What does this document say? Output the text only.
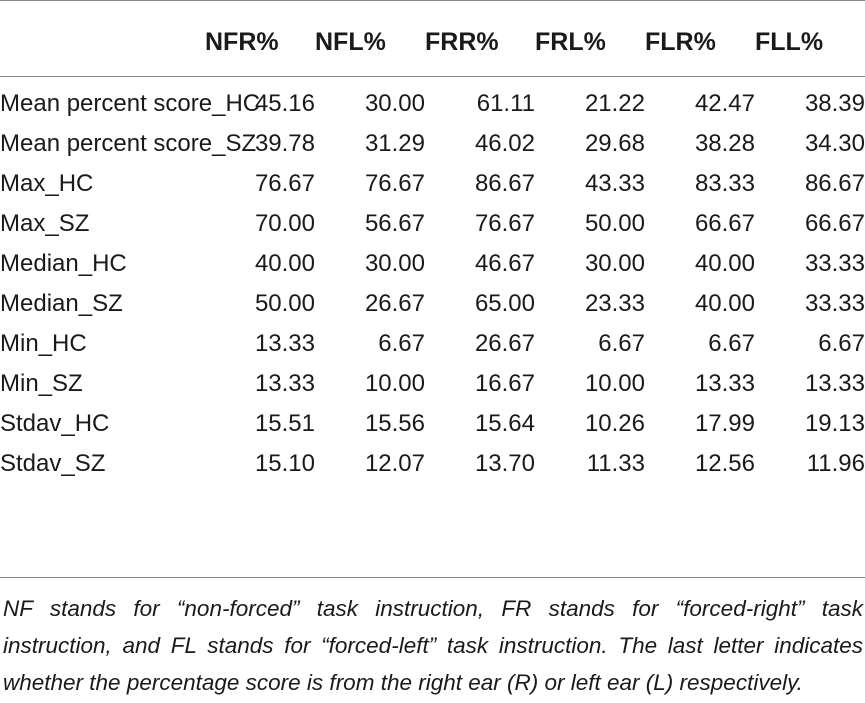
	NFR%	NFL%	FRR%	FRL%	FLR%	FLL%
Mean percent score_HC	45.16	30.00	61.11	21.22	42.47	38.39
Mean percent score_SZ	39.78	31.29	46.02	29.68	38.28	34.30
Max_HC	76.67	76.67	86.67	43.33	83.33	86.67
Max_SZ	70.00	56.67	76.67	50.00	66.67	66.67
Median_HC	40.00	30.00	46.67	30.00	40.00	33.33
Median_SZ	50.00	26.67	65.00	23.33	40.00	33.33
Min_HC	13.33	6.67	26.67	6.67	6.67	6.67
Min_SZ	13.33	10.00	16.67	10.00	13.33	13.33
Stdav_HC	15.51	15.56	15.64	10.26	17.99	19.13
Stdav_SZ	15.10	12.07	13.70	11.33	12.56	11.96
NF stands for “non-forced” task instruction, FR stands for “forced-right” task instruction, and FL stands for “forced-left” task instruction. The last letter indicates whether the percentage score is from the right ear (R) or left ear (L) respectively.
